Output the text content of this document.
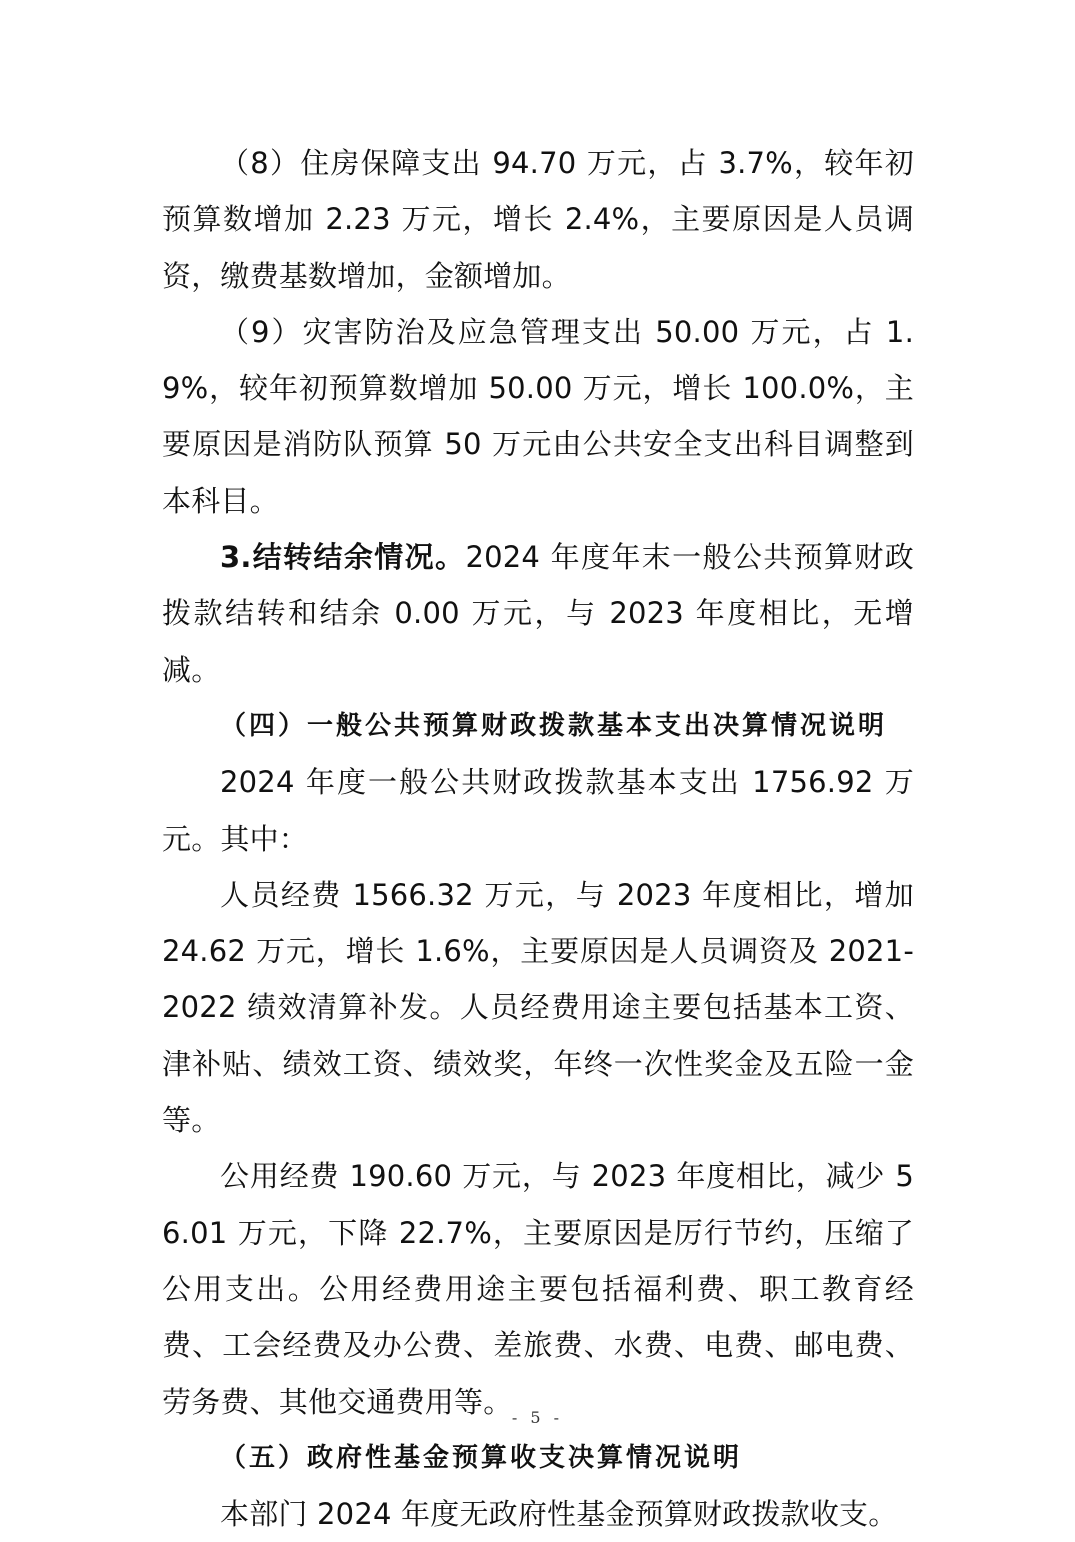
（8）住房保障支出 94.70 万元，占 3.7%，较年初预算数增加 2.23 万元，增长 2.4%，主要原因是人员调资，缴费基数增加，金额增加。

（9）灾害防治及应急管理支出 50.00 万元，占 1.9%，较年初预算数增加 50.00 万元，增长 100.0%，主要原因是消防队预算 50 万元由公共安全支出科目调整到本科目。

3.结转结余情况。2024 年度年末一般公共预算财政拨款结转和结余 0.00 万元，与 2023 年度相比，无增减。

（四）一般公共预算财政拨款基本支出决算情况说明

2024 年度一般公共财政拨款基本支出 1756.92 万元。其中：

人员经费 1566.32 万元，与 2023 年度相比，增加 24.62 万元，增长 1.6%，主要原因是人员调资及 2021-2022 绩效清算补发。人员经费用途主要包括基本工资、津补贴、绩效工资、绩效奖，年终一次性奖金及五险一金等。

公用经费 190.60 万元，与 2023 年度相比，减少 56.01 万元，下降 22.7%，主要原因是厉行节约，压缩了公用支出。公用经费用途主要包括福利费、职工教育经费、工会经费及办公费、差旅费、水费、电费、邮电费、劳务费、其他交通费用等。

（五）政府性基金预算收支决算情况说明

本部门 2024 年度无政府性基金预算财政拨款收支。

- 5 -
